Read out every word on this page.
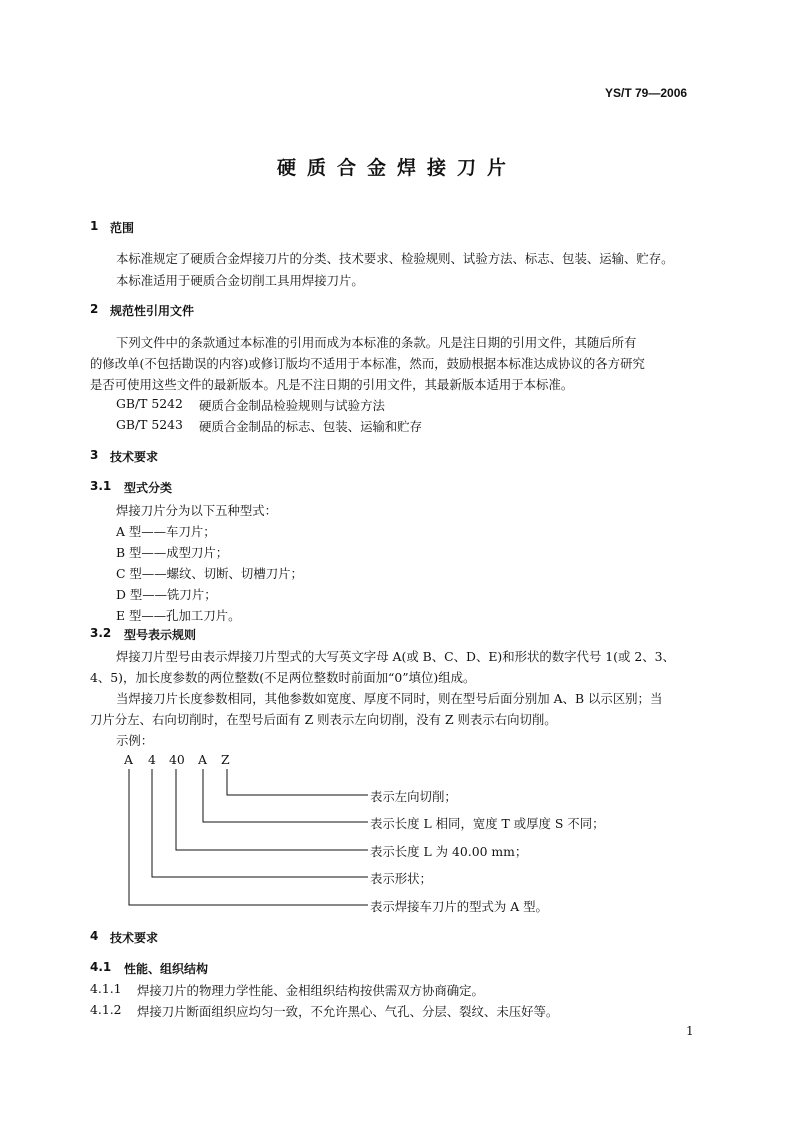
YS/T 79—2006
硬质合金焊接刀片
1 范围
本标准规定了硬质合金焊接刀片的分类、技术要求、检验规则、试验方法、标志、包装、运输、贮存。
本标准适用于硬质合金切削工具用焊接刀片。
2 规范性引用文件
下列文件中的条款通过本标准的引用而成为本标准的条款。凡是注日期的引用文件，其随后所有
的修改单(不包括勘误的内容)或修订版均不适用于本标准，然而，鼓励根据本标准达成协议的各方研究
是否可使用这些文件的最新版本。凡是不注日期的引用文件，其最新版本适用于本标准。
GB/T 5242 硬质合金制品检验规则与试验方法
GB/T 5243 硬质合金制品的标志、包装、运输和贮存
3 技术要求
3.1 型式分类
焊接刀片分为以下五种型式：
A 型——车刀片；
B 型——成型刀片；
C 型——螺纹、切断、切槽刀片；
D 型——铣刀片；
E 型——孔加工刀片。
3.2 型号表示规则
焊接刀片型号由表示焊接刀片型式的大写英文字母 A(或 B、C、D、E)和形状的数字代号 1(或 2、3、
4、5)，加长度参数的两位整数(不足两位整数时前面加“0”填位)组成。
当焊接刀片长度参数相同，其他参数如宽度、厚度不同时，则在型号后面分别加 A、B 以示区别；当
刀片分左、右向切削时，在型号后面有 Z 则表示左向切削，没有 Z 则表示右向切削。
示例：
A 4 40 A Z
表示左向切削；
表示长度 L 相同，宽度 T 或厚度 S 不同；
表示长度 L 为 40.00 mm；
表示形状；
表示焊接车刀片的型式为 A 型。
4 技术要求
4.1 性能、组织结构
4.1.1 焊接刀片的物理力学性能、金相组织结构按供需双方协商确定。
4.1.2 焊接刀片断面组织应均匀一致，不允许黑心、气孔、分层、裂纹、未压好等。
1
